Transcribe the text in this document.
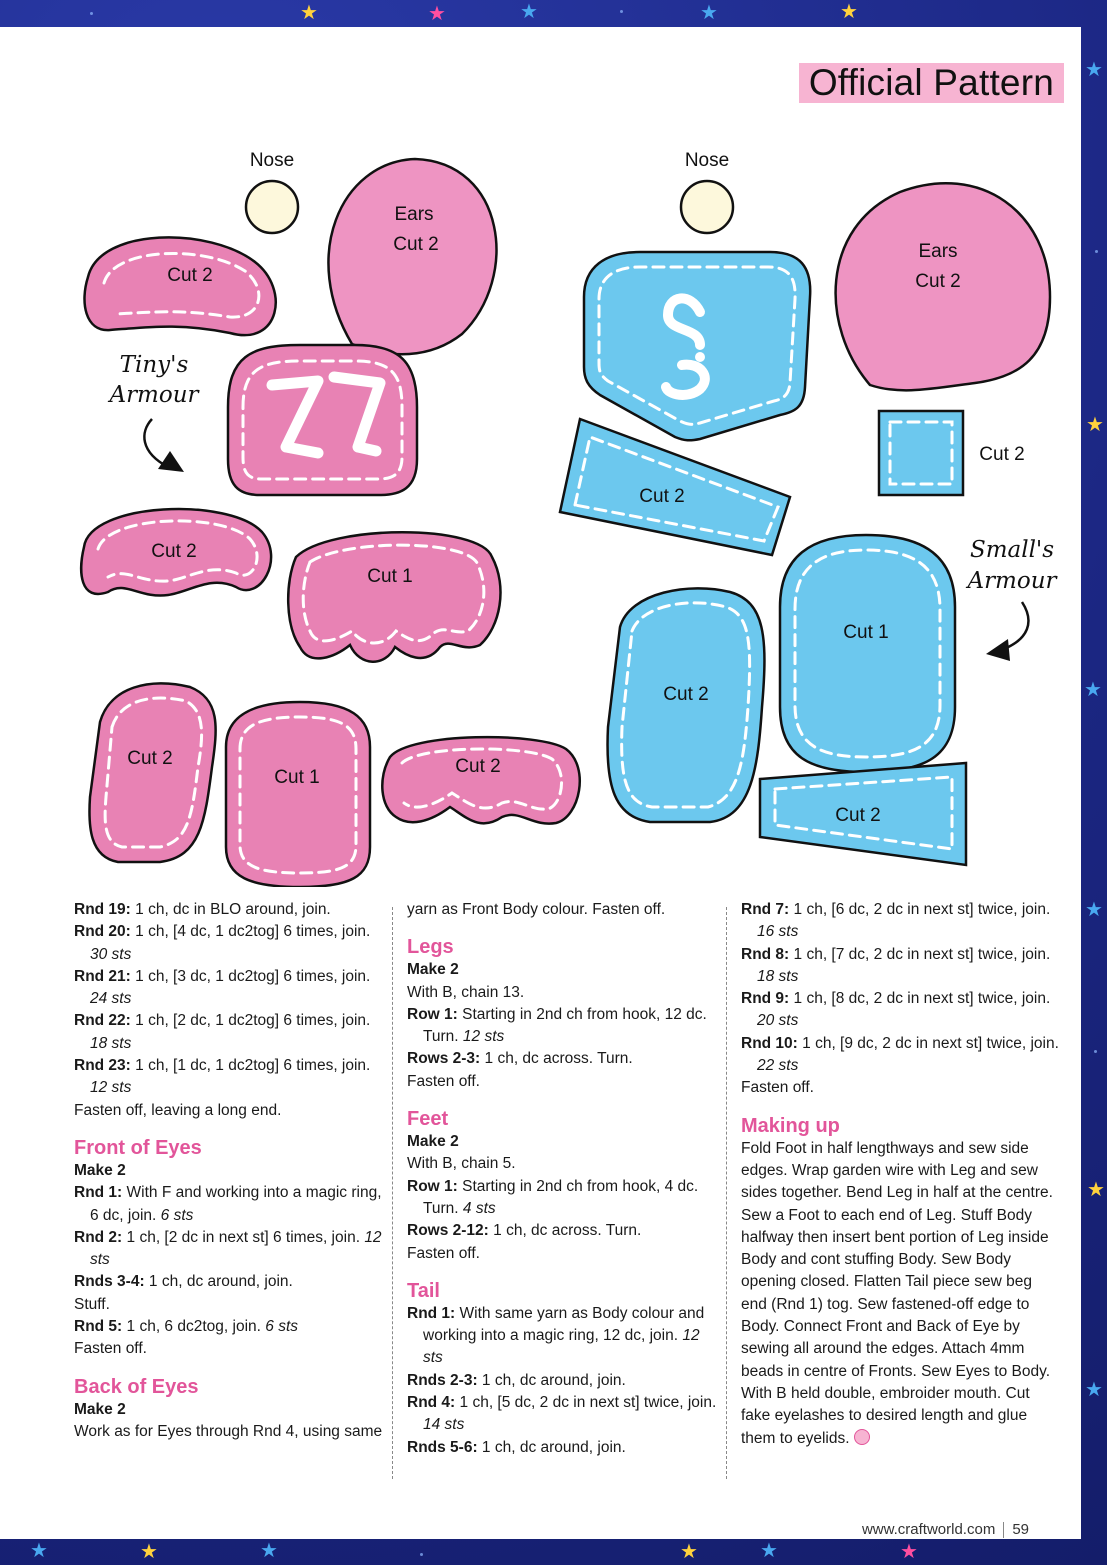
★	★
★	★
★
★
★
★
★
★
★
★	★	★	★	★	★
Official Pattern
Nose
Ears
Cut 2
Cut 2
Tiny's
Armour
Cut 2
Cut 1
Cut 2
Cut 1
Cut 2
Nose
Ears
Cut 2
Cut 2
Cut 2
Small's
Armour
Cut 2
Cut 1
Cut 2

Rnd 19: 1 ch, dc in BLO around, join.

Rnd 20: 1 ch, [4 dc, 1 dc2tog] 6 times, join. 30 sts

Rnd 21: 1 ch, [3 dc, 1 dc2tog] 6 times, join. 24 sts

Rnd 22: 1 ch, [2 dc, 1 dc2tog] 6 times, join. 18 sts

Rnd 23: 1 ch, [1 dc, 1 dc2tog] 6 times, join. 12 sts

Fasten off, leaving a long end.

Front of Eyes

Make 2

Rnd 1: With F and working into a magic ring, 6 dc, join. 6 sts

Rnd 2: 1 ch, [2 dc in next st] 6 times, join. 12 sts

Rnds 3-4: 1 ch, dc around, join.

Stuff.

Rnd 5: 1 ch, 6 dc2tog, join. 6 sts

Fasten off.

Back of Eyes

Make 2

Work as for Eyes through Rnd 4, using same

yarn as Front Body colour. Fasten off.

Legs

Make 2

With B, chain 13.

Row 1: Starting in 2nd ch from hook, 12 dc. Turn. 12 sts

Rows 2-3: 1 ch, dc across. Turn.

Fasten off.

Feet

Make 2

With B, chain 5.

Row 1: Starting in 2nd ch from hook, 4 dc. Turn. 4 sts

Rows 2-12: 1 ch, dc across. Turn.

Fasten off.

Tail

Rnd 1: With same yarn as Body colour and working into a magic ring, 12 dc, join. 12 sts

Rnds 2-3: 1 ch, dc around, join.

Rnd 4: 1 ch, [5 dc, 2 dc in next st] twice, join. 14 sts

Rnds 5-6: 1 ch, dc around, join.

Rnd 7: 1 ch, [6 dc, 2 dc in next st] twice, join. 16 sts

Rnd 8: 1 ch, [7 dc, 2 dc in next st] twice, join. 18 sts

Rnd 9: 1 ch, [8 dc, 2 dc in next st] twice, join. 20 sts

Rnd 10: 1 ch, [9 dc, 2 dc in next st] twice, join. 22 sts

Fasten off.

Making up

Fold Foot in half lengthways and sew side edges. Wrap garden wire with Leg and sew sides together. Bend Leg in half at the centre. Sew a Foot to each end of Leg. Stuff Body halfway then insert bent portion of Leg inside Body and cont stuffing Body. Sew Body opening closed. Flatten Tail piece sew beg end (Rnd 1) tog. Sew fastened-off edge to Body. Connect Front and Back of Eye by sewing all around the edges. Attach 4mm beads in centre of Fronts. Sew Eyes to Body. With B held double, embroider mouth. Cut fake eyelashes to desired length and glue them to eyelids.

www.craftworld.com 59
